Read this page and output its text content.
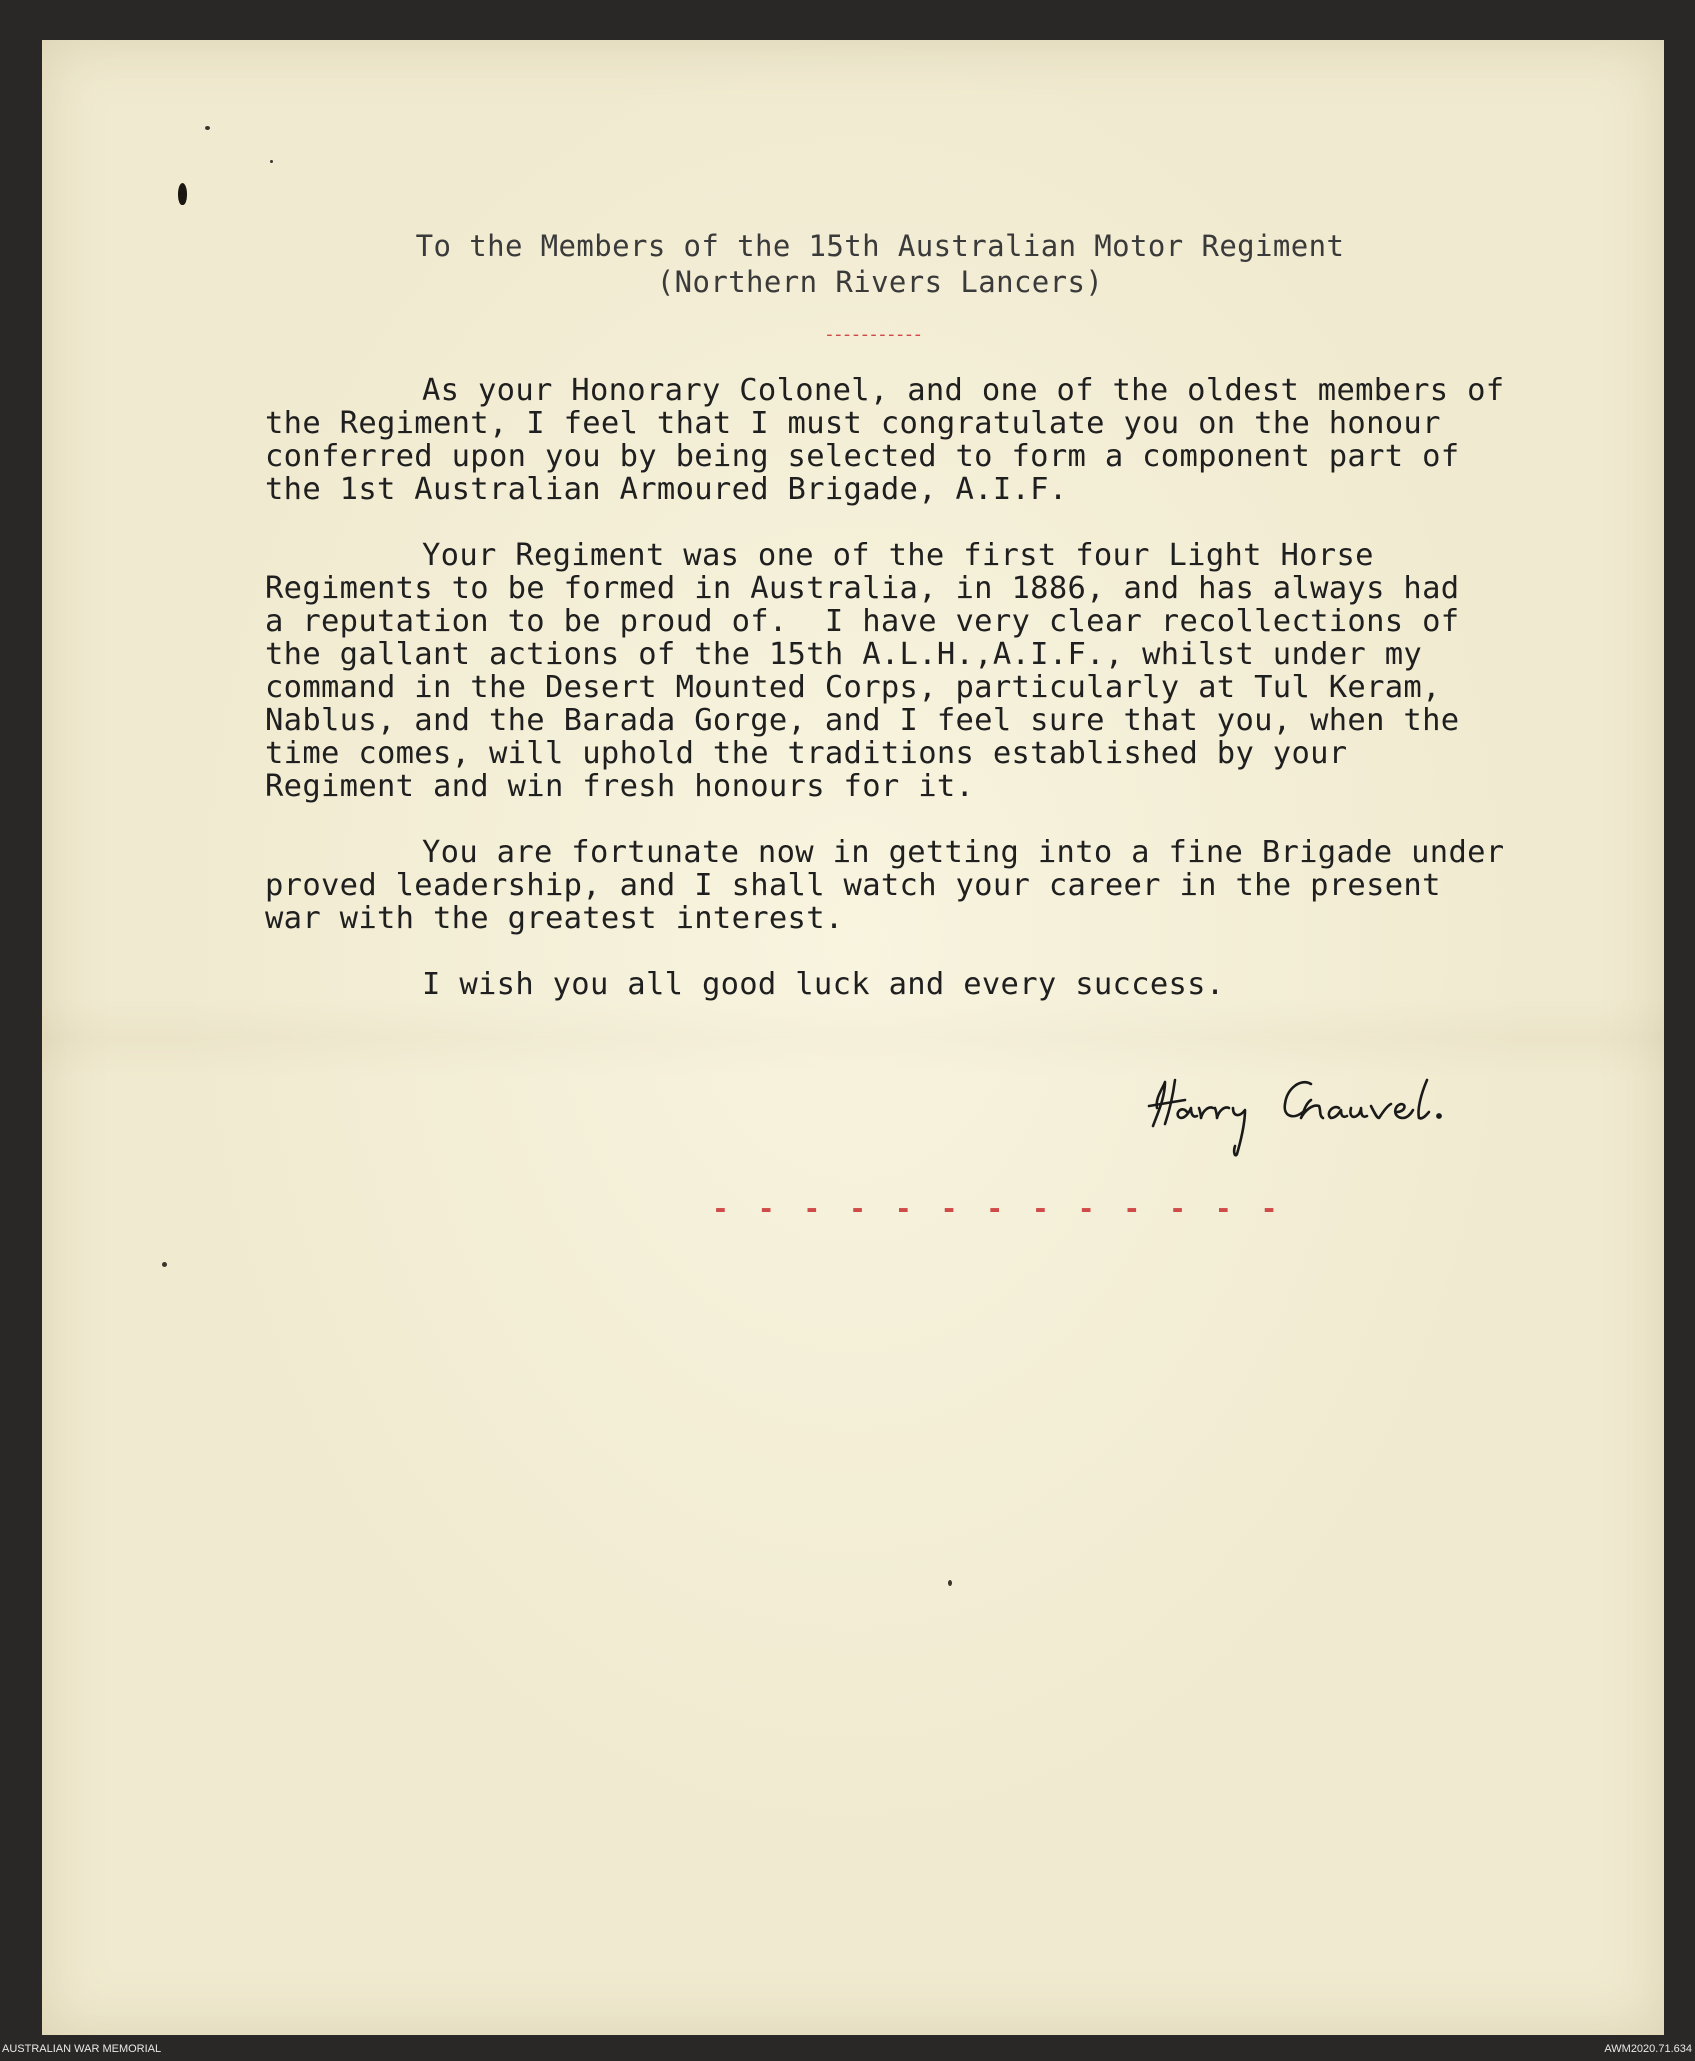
To the Members of the 15th Australian Motor Regiment
(Northern Rivers Lancers)
-----------
As your Honorary Colonel, and one of the oldest members of
the Regiment, I feel that I must congratulate you on the honour
conferred upon you by being selected to form a component part of
the 1st Australian Armoured Brigade, A.I.F.
Your Regiment was one of the first four Light Horse
Regiments to be formed in Australia, in 1886, and has always had
a reputation to be proud of.  I have very clear recollections of
the gallant actions of the 15th A.L.H.,A.I.F., whilst under my
command in the Desert Mounted Corps, particularly at Tul Keram,
Nablus, and the Barada Gorge, and I feel sure that you, when the
time comes, will uphold the traditions established by your
Regiment and win fresh honours for it.
You are fortunate now in getting into a fine Brigade under
proved leadership, and I shall watch your career in the present
war with the greatest interest.
I wish you all good luck and every success.
Harry Chauvel.
- - - - - - - - - - - - -
AUSTRALIAN WAR MEMORIAL	AWM2020.71.634
